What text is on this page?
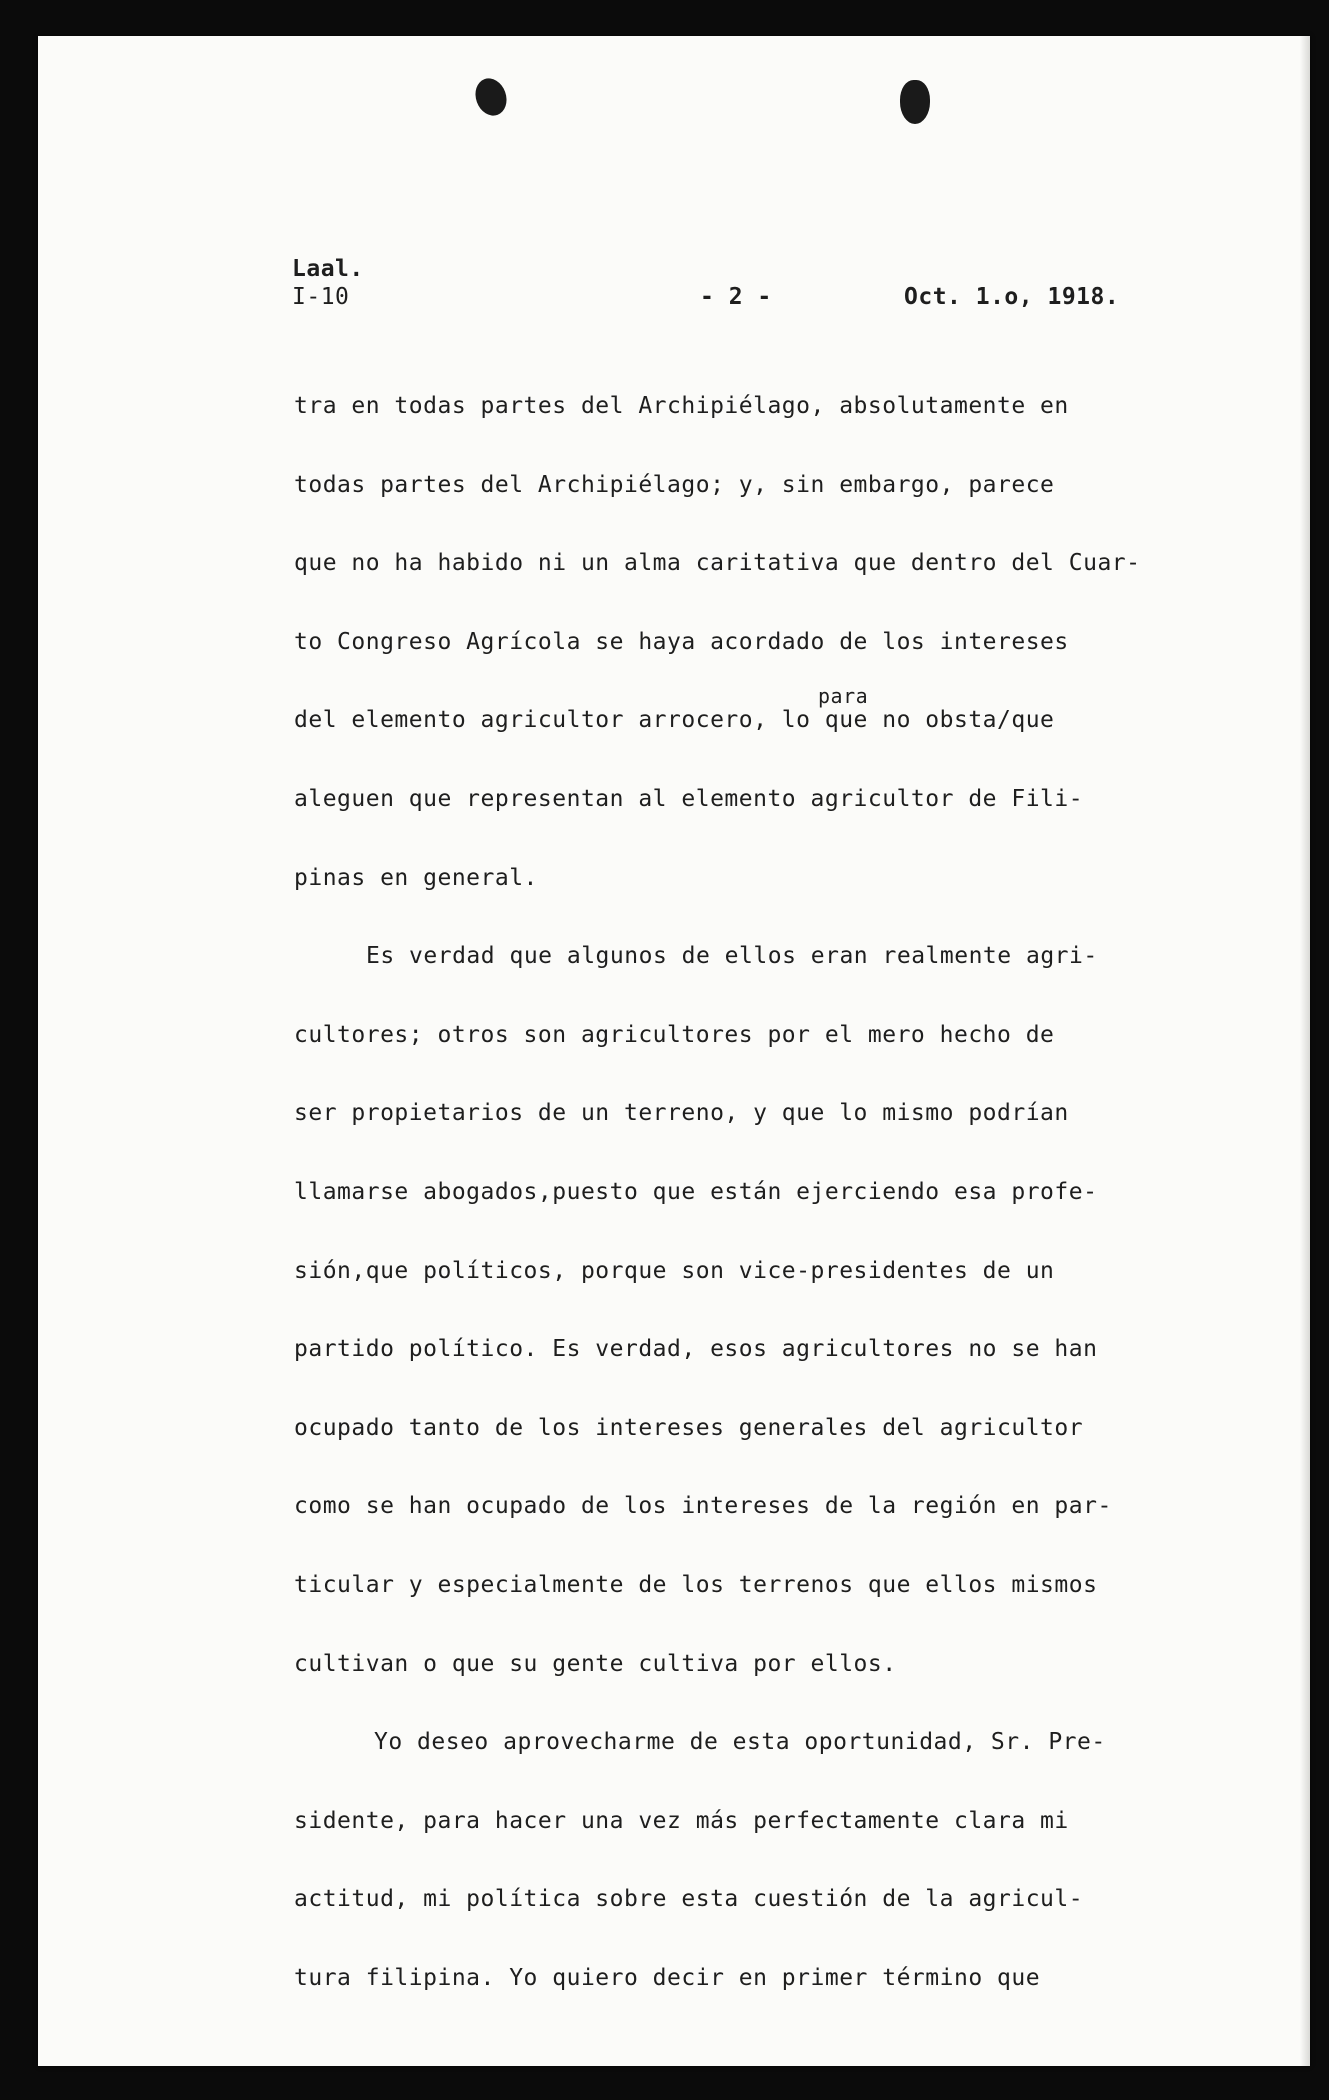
Laal.
I-10	- 2 -	Oct. 1.o, 1918.
para
tra en todas partes del Archipiélago, absolutamente en
todas partes del Archipiélago; y, sin embargo, parece
que no ha habido ni un alma caritativa que dentro del Cuar-
to Congreso Agrícola se haya acordado de los intereses
del elemento agricultor arrocero, lo que no obsta/que
aleguen que representan al elemento agricultor de Fili-
pinas en general.
Es verdad que algunos de ellos eran realmente agri-
cultores; otros son agricultores por el mero hecho de
ser propietarios de un terreno, y que lo mismo podrían
llamarse abogados,puesto que están ejerciendo esa profe-
sión,que políticos, porque son vice-presidentes de un
partido político. Es verdad, esos agricultores no se han
ocupado tanto de los intereses generales del agricultor
como se han ocupado de los intereses de la región en par-
ticular y especialmente de los terrenos que ellos mismos
cultivan o que su gente cultiva por ellos.
Yo deseo aprovecharme de esta oportunidad, Sr. Pre-
sidente, para hacer una vez más perfectamente clara mi
actitud, mi política sobre esta cuestión de la agricul-
tura filipina. Yo quiero decir en primer término que
